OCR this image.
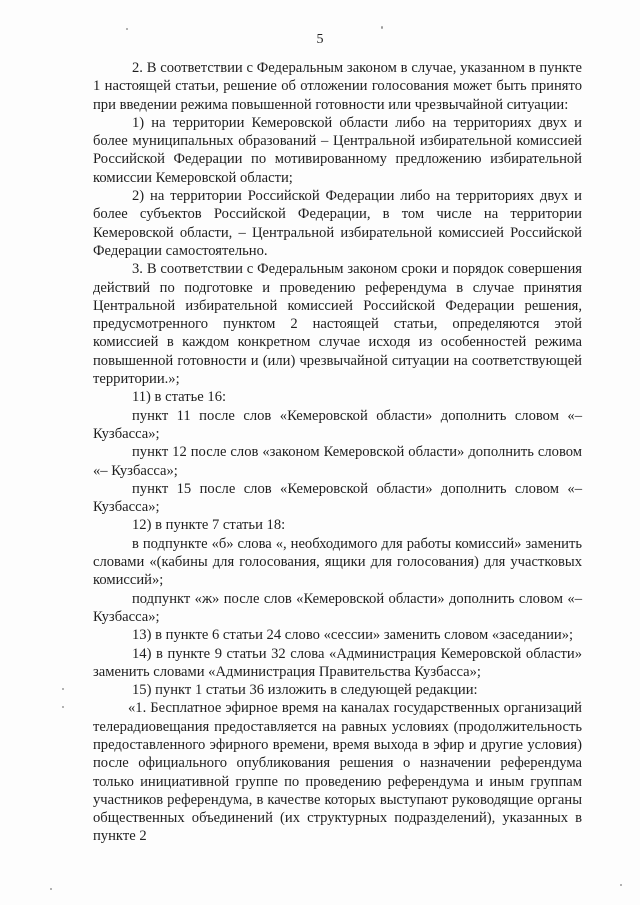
5

2. В соответствии с Федеральным законом в случае, указанном в пункте 1 настоящей статьи, решение об отложении голосования может быть принято при введении режима повышенной готовности или чрезвычайной ситуации:

1) на территории Кемеровской области либо на территориях двух и более муниципальных образований – Центральной избирательной комиссией Российской Федерации по мотивированному предложению избирательной комиссии Кемеровской области;

2) на территории Российской Федерации либо на территориях двух и более субъектов Российской Федерации, в том числе на территории Кемеровской области, – Центральной избирательной комиссией Российской Федерации самостоятельно.

3. В соответствии с Федеральным законом сроки и порядок совершения действий по подготовке и проведению референдума в случае принятия Центральной избирательной комиссией Российской Федерации решения, предусмотренного пунктом 2 настоящей статьи, определяются этой комиссией в каждом конкретном случае исходя из особенностей режима повышенной готовности и (или) чрезвычайной ситуации на соответствующей территории.»;

11) в статье 16:

пункт 11 после слов «Кемеровской области» дополнить словом «– Кузбасса»;

пункт 12 после слов «законом Кемеровской области» дополнить словом «– Кузбасса»;

пункт 15 после слов «Кемеровской области» дополнить словом «– Кузбасса»;

12) в пункте 7 статьи 18:

в подпункте «б» слова «, необходимого для работы комиссий» заменить словами «(кабины для голосования, ящики для голосования) для участковых комиссий»;

подпункт «ж» после слов «Кемеровской области» дополнить словом «– Кузбасса»;

13) в пункте 6 статьи 24 слово «сессии» заменить словом «заседании»;

14) в пункте 9 статьи 32 слова «Администрация Кемеровской области» заменить словами «Администрация Правительства Кузбасса»;

15) пункт 1 статьи 36 изложить в следующей редакции:

«1. Бесплатное эфирное время на каналах государственных организаций телерадиовещания предоставляется на равных условиях (продолжительность предоставленного эфирного времени, время выхода в эфир и другие условия) после официального опубликования решения о назначении референдума только инициативной группе по проведению референдума и иным группам участников референдума, в качестве которых выступают руководящие органы общественных объединений (их структурных подразделений), указанных в пункте 2
